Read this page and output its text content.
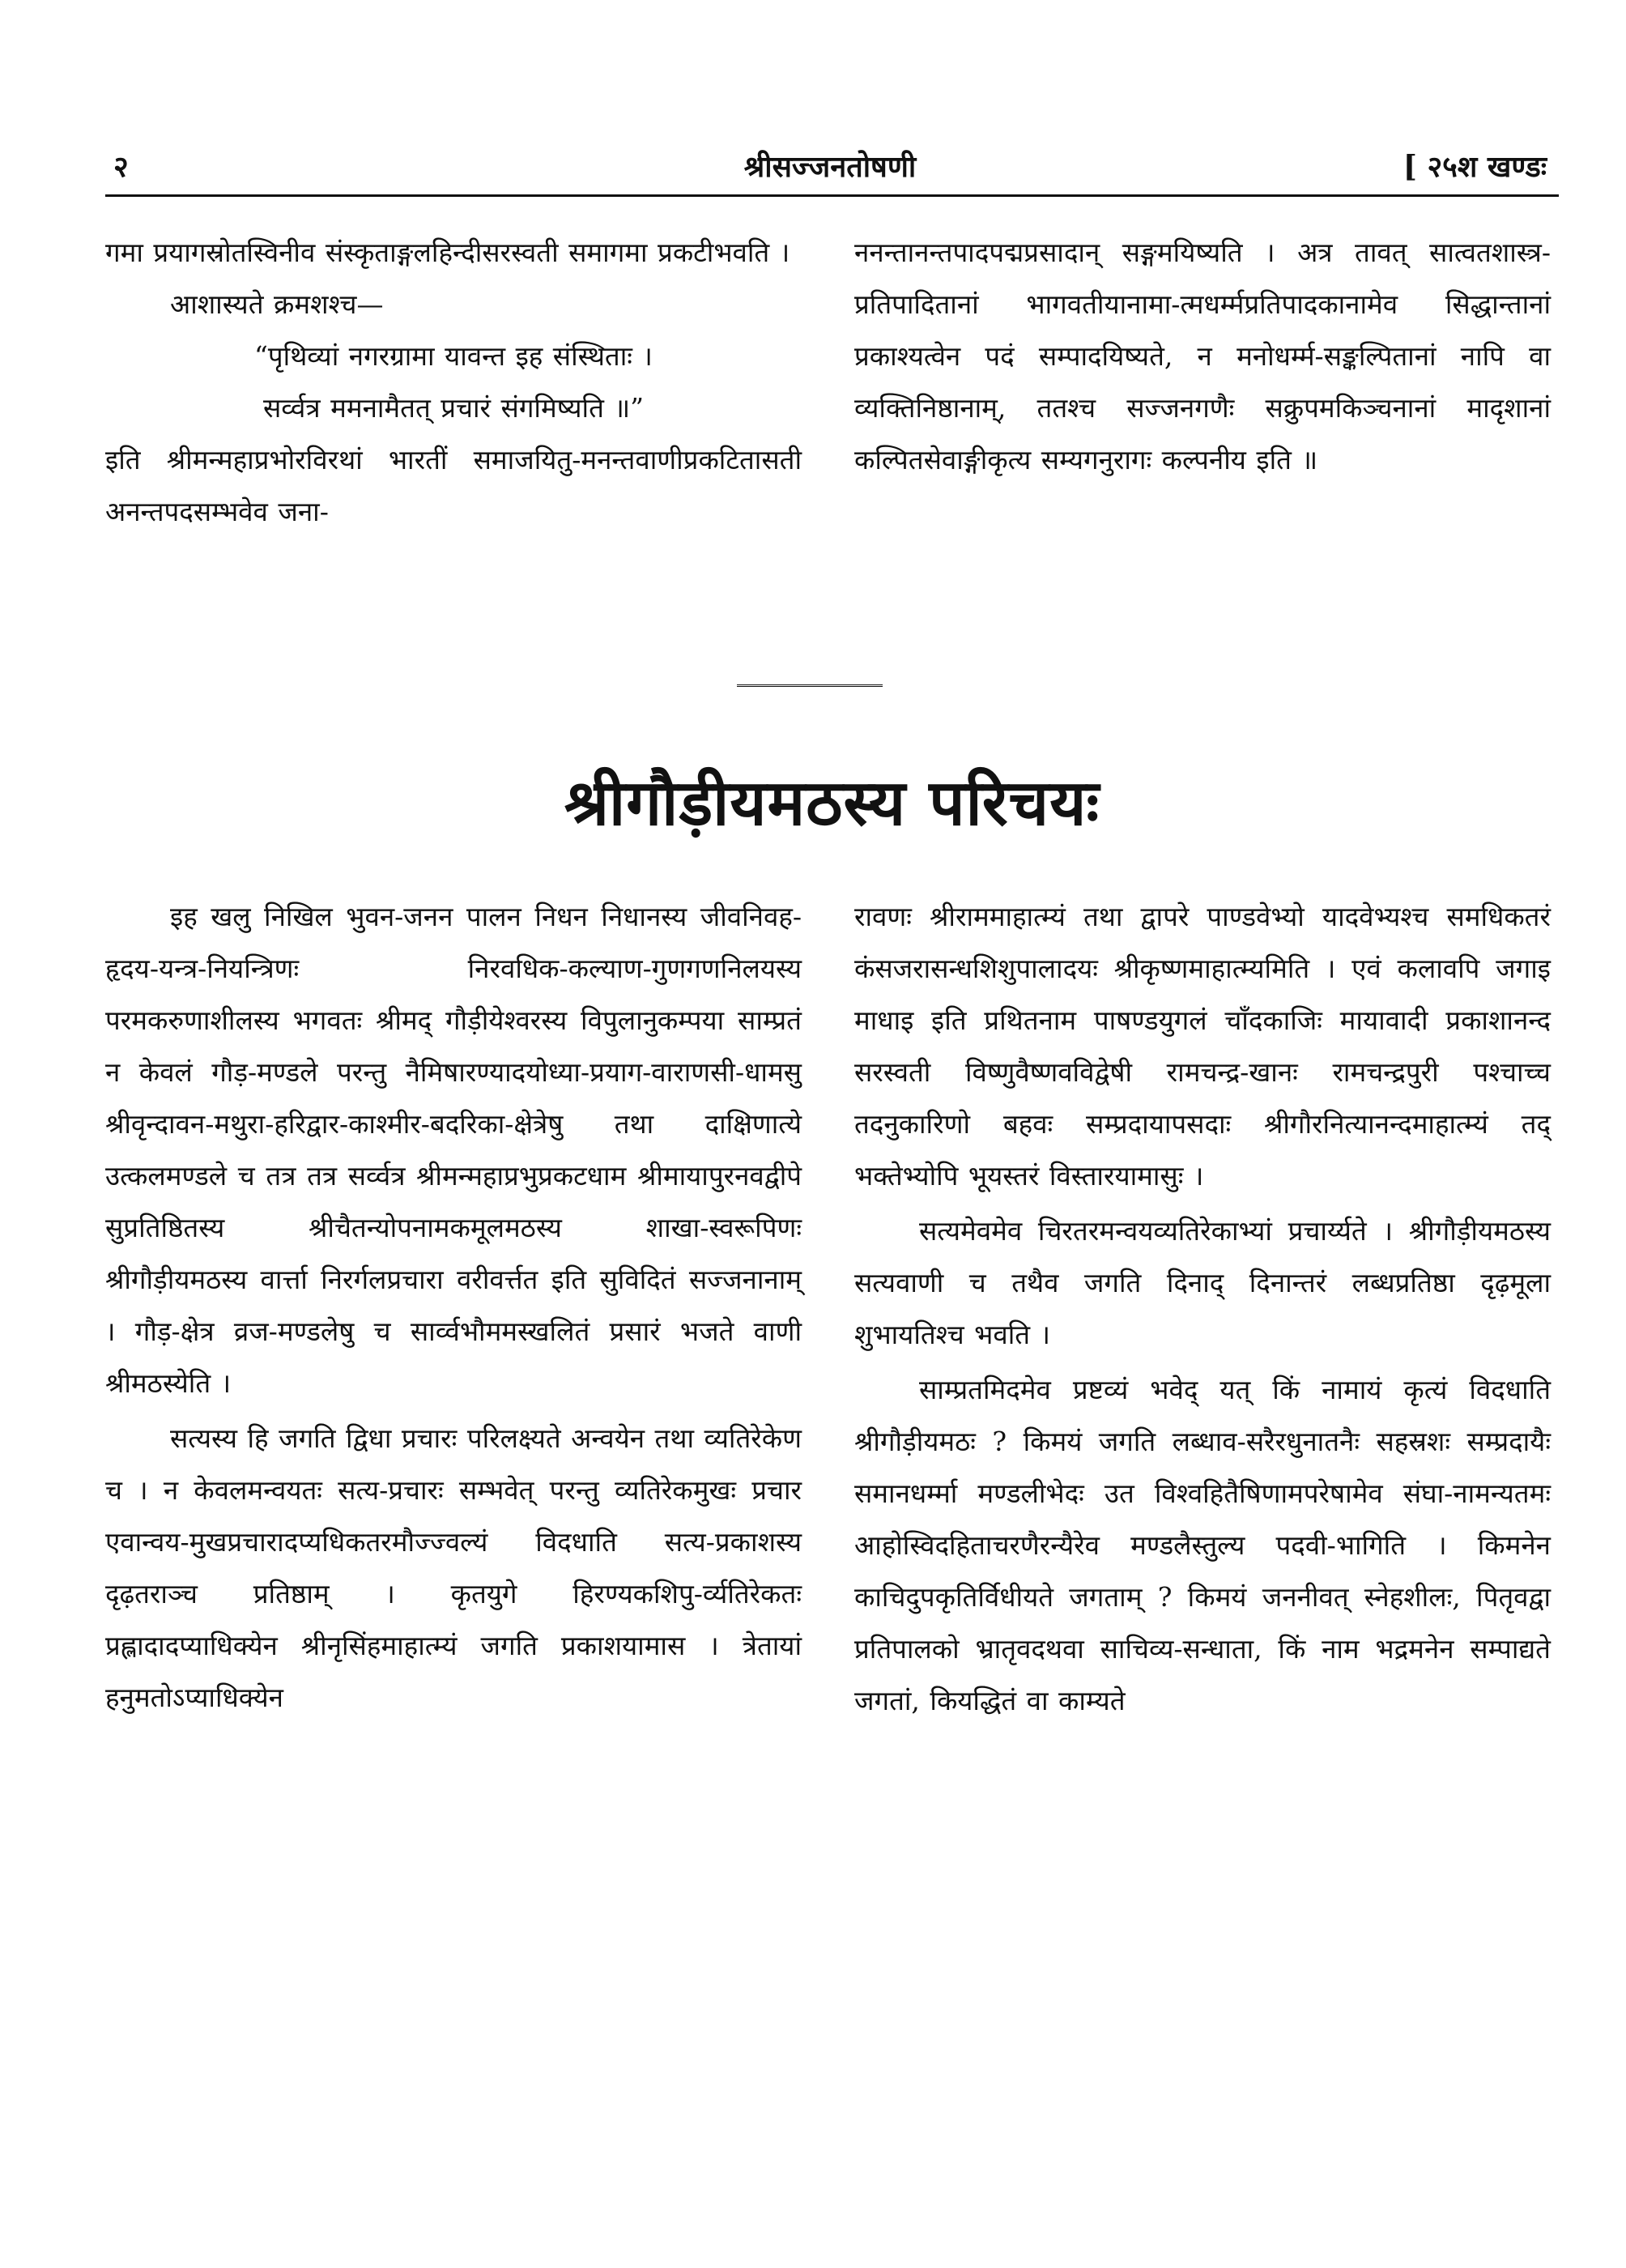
२	श्रीसज्जनतोषणी	[ २५श खण्डः

गमा प्रयागस्रोतस्विनीव संस्कृताङ्गलहिन्दीसरस्वती समागमा प्रकटीभवति ।

आशास्यते क्रमशश्च—

“पृथिव्यां नगरग्रामा यावन्त इह संस्थिताः ।

सर्व्वत्र ममनामैतत् प्रचारं संगमिष्यति ॥”

इति श्रीमन्महाप्रभोरविरथां भारतीं समाजयितु-मनन्तवाणीप्रकटितासती अनन्तपदसम्भवेव जना-

ननन्तानन्तपादपद्मप्रसादान् सङ्गमयिष्यति । अत्र तावत् सात्वतशास्त्र-प्रतिपादितानां भागवतीयानामा-त्मधर्म्मप्रतिपादकानामेव सिद्धान्तानां प्रकाश्यत्वेन पदं सम्पादयिष्यते, न मनोधर्म्म-सङ्कल्पितानां नापि वा व्यक्तिनिष्ठानाम्, ततश्च सज्जनगणैः सक्रुपमकिञ्चनानां मादृशानां कल्पितसेवाङ्गीकृत्य सम्यगनुरागः कल्पनीय इति ॥

श्रीगौड़ीयमठस्य परिचयः

इह खलु निखिल भुवन-जनन पालन निधन निधानस्य जीवनिवह-हृदय-यन्त्र-नियन्त्रिणः निरवधिक-कल्याण-गुणगणनिलयस्य परमकरुणाशीलस्य भगवतः श्रीमद् गौड़ीयेश्वरस्य विपुलानुकम्पया साम्प्रतं न केवलं गौड़-मण्डले परन्तु नैमिषारण्यादयोध्या-प्रयाग-वाराणसी-धामसु श्रीवृन्दावन-मथुरा-हरिद्वार-काश्मीर-बदरिका-क्षेत्रेषु तथा दाक्षिणात्ये उत्कलमण्डले च तत्र तत्र सर्व्वत्र श्रीमन्महाप्रभुप्रकटधाम श्रीमायापुरनवद्वीपे सुप्रतिष्ठितस्य श्रीचैतन्योपनामकमूलमठस्य शाखा-स्वरूपिणः श्रीगौड़ीयमठस्य वार्त्ता निरर्गलप्रचारा वरीवर्त्तत इति सुविदितं सज्जनानाम् । गौड़-क्षेत्र व्रज-मण्डलेषु च सार्व्वभौममस्खलितं प्रसारं भजते वाणी श्रीमठस्येति ।

सत्यस्य हि जगति द्विधा प्रचारः परिलक्ष्यते अन्वयेन तथा व्यतिरेकेण च । न केवलमन्वयतः सत्य-प्रचारः सम्भवेत् परन्तु व्यतिरेकमुखः प्रचार एवान्वय-मुखप्रचारादप्यधिकतरमौज्ज्वल्यं विदधाति सत्य-प्रकाशस्य दृढ़तराञ्च प्रतिष्ठाम् । कृतयुगे हिरण्यकशिपु-र्व्यतिरेकतः प्रह्लादादप्याधिक्येन श्रीनृसिंहमाहात्म्यं जगति प्रकाशयामास । त्रेतायां हनुमतोऽप्याधिक्येन

रावणः श्रीराममाहात्म्यं तथा द्वापरे पाण्डवेभ्यो यादवेभ्यश्च समधिकतरं कंसजरासन्धशिशुपालादयः श्रीकृष्णमाहात्म्यमिति । एवं कलावपि जगाइ माधाइ इति प्रथितनाम पाषण्डयुगलं चाँदकाजिः मायावादी प्रकाशानन्द सरस्वती विष्णुवैष्णवविद्वेषी रामचन्द्र-खानः रामचन्द्रपुरी पश्चाच्च तदनुकारिणो बहवः सम्प्रदायापसदाः श्रीगौरनित्यानन्दमाहात्म्यं तद् भक्तेभ्योपि भूयस्तरं विस्तारयामासुः ।

सत्यमेवमेव चिरतरमन्वयव्यतिरेकाभ्यां प्रचार्य्यते । श्रीगौड़ीयमठस्य सत्यवाणी च तथैव जगति दिनाद् दिनान्तरं लब्धप्रतिष्ठा दृढ़मूला शुभायतिश्च भवति ।

साम्प्रतमिदमेव प्रष्टव्यं भवेद् यत् किं नामायं कृत्यं विदधाति श्रीगौड़ीयमठः ? किमयं जगति लब्धाव-सरैरधुनातनैः सहस्रशः सम्प्रदायैः समानधर्म्मा मण्डलीभेदः उत विश्वहितैषिणामपरेषामेव संघा-नामन्यतमः आहोस्विदहिताचरणैरन्यैरेव मण्डलैस्तुल्य पदवी-भागिति । किमनेन काचिदुपकृतिर्विधीयते जगताम् ? किमयं जननीवत् स्नेहशीलः, पितृवद्वा प्रतिपालको भ्रातृवदथवा साचिव्य-सन्धाता, किं नाम भद्रमनेन सम्पाद्यते जगतां, कियद्धितं वा काम्यते
